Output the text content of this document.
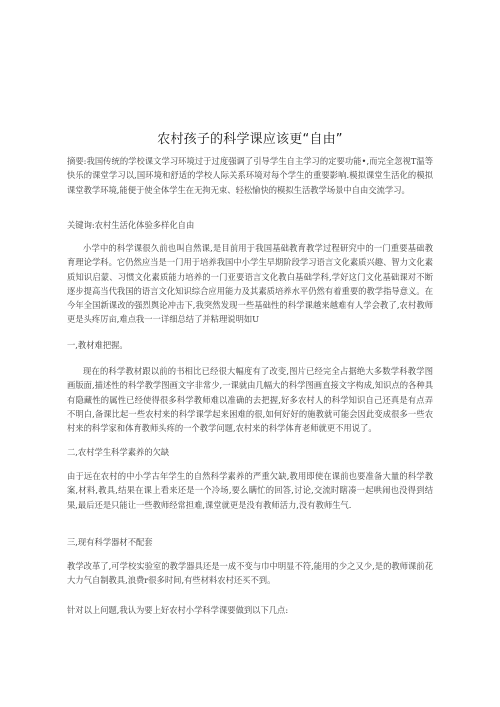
农村孩子的科学课应该更“自由”

摘要:我国传统的学校课文学习环境过于过度强调了引导学生自主学习的定要功能•,而完全忽视T温等快乐的课堂学习以,国环境和舒适的学校人际关系环境对每个学生的重要影响.模拟课堂生活化的模拟课堂教学环境,能便于使全体学生在无拘无束、轻松愉快的模拟生活教学场景中自由交流学习。

关键询:农村生活化体验多样化自由

小学中的科学课很久前也叫自然课,是目前用于我国基础教育教学过程研究中的一门重要基础教育理论学科。它仍然应当是一门用于培养我国中小学生早期阶段学习语言文化素质兴趣、智力文化素质知识启蒙、习惯文化素质能力培养的一门亚要语言文化教白基础学科,学好这门文化基础课对不断逐步提高当代我国的语言文化知识综合应用能力及其素质培养水平仍然有着重要的教学指导意义。在今年全国新课改的强烈舆论冲击下,我突然发现一些基础性的科学课越来越难有人学会教了,农村教师更是头疼厉亩,难点我一一详细总结了并粘理说明如U

一,教材难把握。

现在的科学教材跟以前的书相比已经很大幅度有了改变,图片已经完全占据绝大多数学科教学图画版面,描述性的科学教学图画文字非常少,一课就由几幅大的科学图画直接文字构成,知识点的各种具有隐藏性的属性已经使得很多科学教师难以准确的去把握,好多农村人的科学知识自己还真是有点弄不明白,备课比起一些农村来的科学课学起来困难的很,如何好好的施教就可能会因此变成很多一些农村来的科学家和体育教师头疼的一个教学问题,农村来的科学体育老师就更不用说了。

二,农村学生科学素养的欠缺

由于远在农村的中小学古年学生的自然科学素养的严重欠缺,教用即使在课前也要准备大量的科学教案,材料,教具,结果在课上看来还是一个冷场,要么瞒忙的回答,讨论,交流时瞎凑一起哄闹也没得到结果,最后还是只能让一些教师经常担难,课堂就更是没有教师活力,没有教师生气.

三,现有科学器材不配套

教学改革了,可学校实验室的教学器具还是一成不变与巾中明显不符,能用的少之又少,是的教师课前花大力气自制教具,浪费r很多时间,有些材料农村还买不到。

针对以上问题,我认为要上好农村小学科学课要做到以下几点:
